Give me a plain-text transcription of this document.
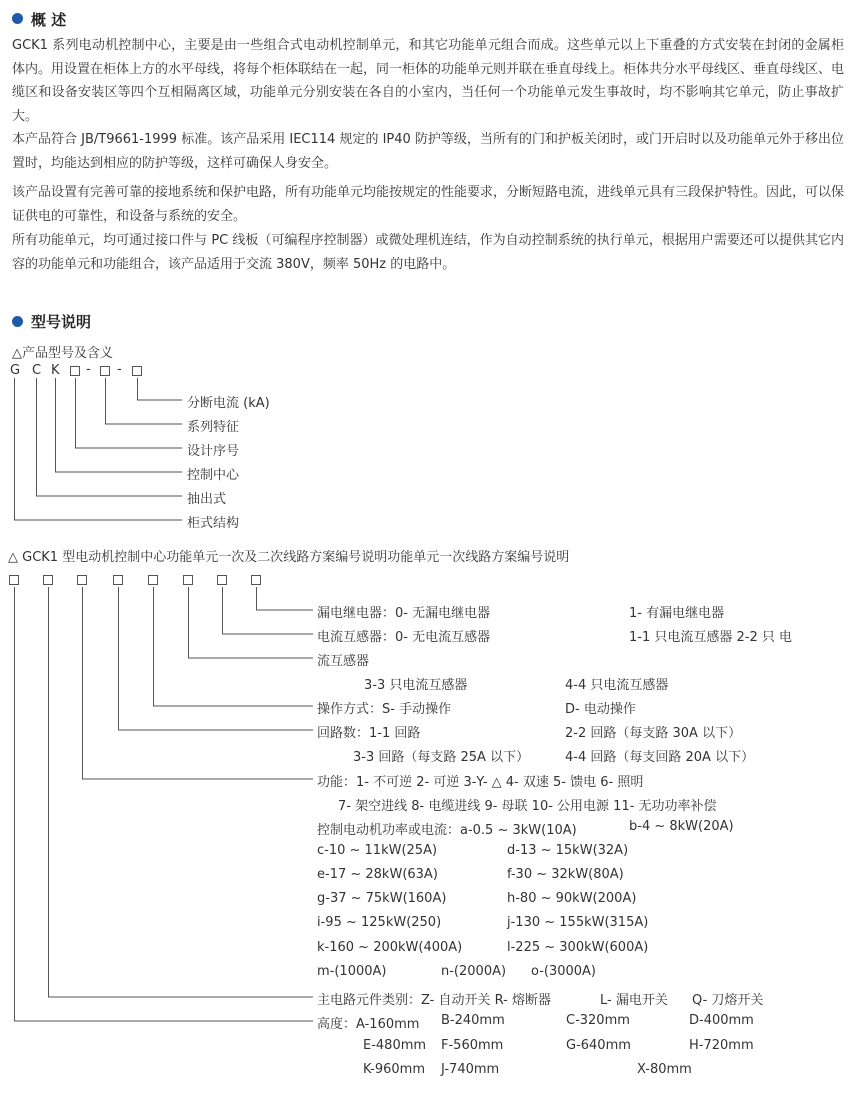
概 述
GCK1 系列电动机控制中心，主要是由一些组合式电动机控制单元，和其它功能单元组合而成。这些单元以上下重叠的方式安装在封闭的金属柜体内。用设置在柜体上方的水平母线，将每个柜体联结在一起，同一柜体的功能单元则并联在垂直母线上。柜体共分水平母线区、垂直母线区、电缆区和设备安装区等四个互相隔离区域，功能单元分别安装在各自的小室内，当任何一个功能单元发生事故时，均不影响其它单元，防止事故扩大。
本产品符合 JB/T9661-1999 标准。该产品采用 IEC114 规定的 IP40 防护等级，当所有的门和护板关闭时，或门开启时以及功能单元外于移出位置时，均能达到相应的防护等级，这样可确保人身安全。
该产品设置有完善可靠的接地系统和保护电路，所有功能单元均能按规定的性能要求，分断短路电流，进线单元具有三段保护特性。因此，可以保证供电的可靠性，和设备与系统的安全。
所有功能单元，均可通过接口件与 PC 线板（可编程序控制器）或微处理机连结，作为自动控制系统的执行单元，根据用户需要还可以提供其它内容的功能单元和功能组合，该产品适用于交流 380V，频率 50Hz 的电路中。
型号说明
△产品型号及含义
G C K - -
△ GCK1 型电动机控制中心功能单元一次及二次线路方案编号说明功能单元一次线路方案编号说明
分断电流 (kA)
系列特征
设计序号
控制中心
抽出式
柜式结构
漏电继电器：0- 无漏电继电器	1- 有漏电继电器
电流互感器：0- 无电流互感器	1-1 只电流互感器 2-2 只 电
流互感器
3-3 只电流互感器	4-4 只电流互感器
操作方式：S- 手动操作	D- 电动操作
回路数：1-1 回路	2-2 回路（每支路 30A 以下）
3-3 回路（每支路 25A 以下）	4-4 回路（每支回路 20A 以下）
功能：1- 不可逆 2- 可逆 3-Y- △ 4- 双速 5- 馈电 6- 照明
7- 架空进线 8- 电缆进线 9- 母联 10- 公用电源 11- 无功功率补偿
控制电动机功率或电流：a-0.5 ~ 3kW(10A)	b-4 ~ 8kW(20A)
c-10 ~ 11kW(25A)	d-13 ~ 15kW(32A)
e-17 ~ 28kW(63A)	f-30 ~ 32kW(80A)
g-37 ~ 75kW(160A)	h-80 ~ 90kW(200A)
i-95 ~ 125kW(250)	j-130 ~ 155kW(315A)
k-160 ~ 200kW(400A)	l-225 ~ 300kW(600A)
m-(1000A)	n-(2000A) o-(3000A)
主电路元件类别：Z- 自动开关 R- 熔断器	L- 漏电开关 Q- 刀熔开关
高度：A-160mm B-240mm	C-320mm	D-400mm
E-480mm F-560mm	G-640mm	H-720mm
K-960mm J-740mm	X-80mm
